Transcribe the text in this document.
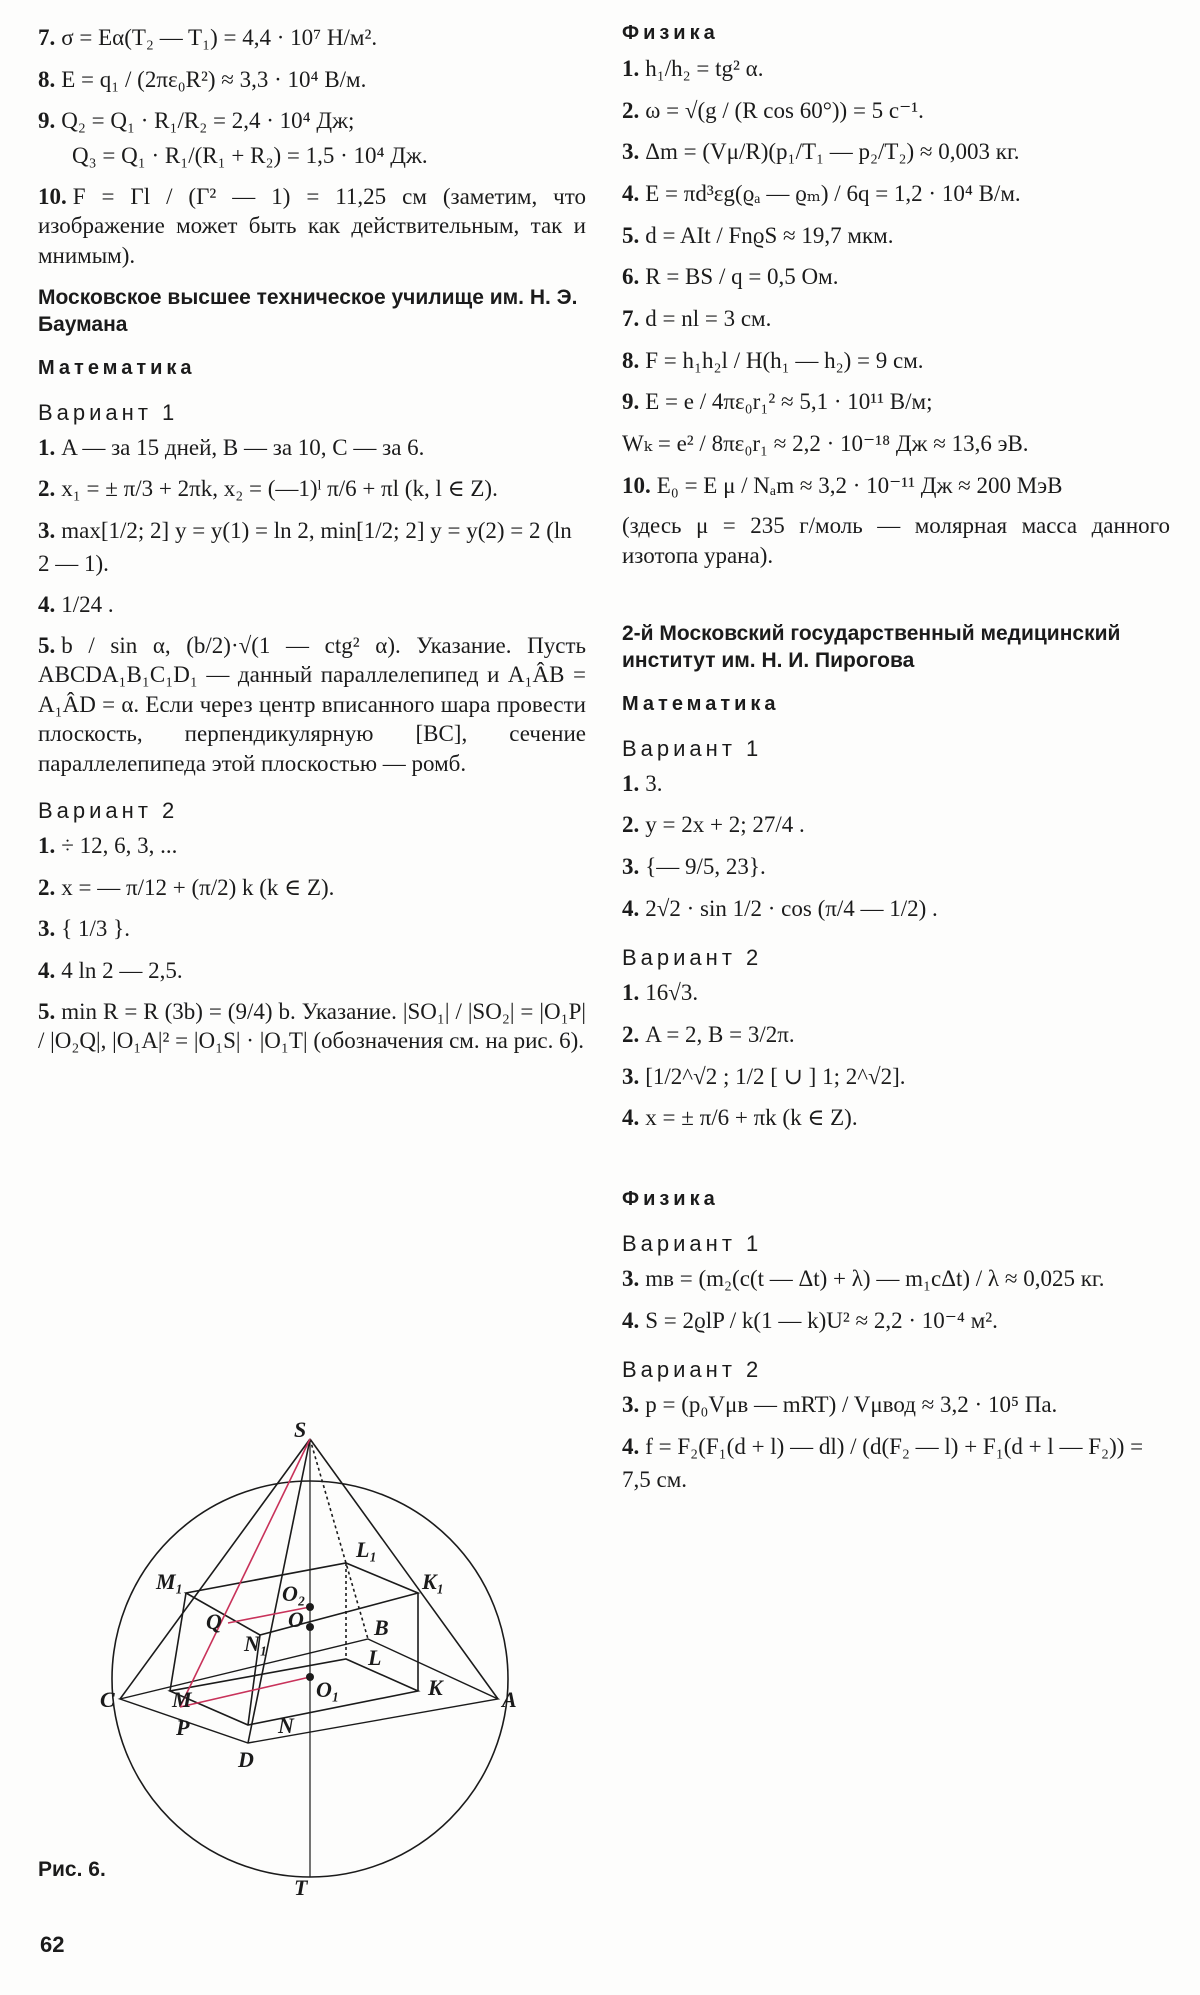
7. σ = Eα(T₂ — T₁) = 4,4 · 10⁷ Н/м².
8. E = q₁ / (2πε₀R²) ≈ 3,3 · 10⁴ В/м.
9. Q₂ = Q₁ · R₁/R₂ = 2,4 · 10⁴ Дж;
Q₃ = Q₁ · R₁/(R₁ + R₂) = 1,5 · 10⁴ Дж.
10. F = Γl / (Γ² — 1) = 11,25 см (заметим, что изображение может быть как действительным, так и мнимым).
Московское высшее техническое училище им. Н. Э. Баумана
Математика
Вариант 1
1. A — за 15 дней, B — за 10, C — за 6.
2. x₁ = ± π/3 + 2πk, x₂ = (—1)ˡ π/6 + πl (k, l ∈ Z).
3. max[1/2; 2] y = y(1) = ln 2, min[1/2; 2] y = y(2) = 2 (ln 2 — 1).
4. 1/24 .
5. b / sin α, (b/2)·√(1 — ctg² α). Указание. Пусть ABCDA₁B₁C₁D₁ — данный параллелепипед и A₁ÂB = A₁ÂD = α. Если через центр вписанного шара провести плоскость, перпендикулярную [BC], сечение параллелепипеда этой плоскостью — ромб.
Вариант 2
1. ÷ 12, 6, 3, ...
2. x = — π/12 + (π/2) k (k ∈ Z).
3. { 1/3 }.
4. 4 ln 2 — 2,5.
5. min R = R (3b) = (9/4) b. Указание. |SO₁| / |SO₂| = |O₁P| / |O₂Q|, |O₁A|² = |O₁S| · |O₁T| (обозначения см. на рис. 6).
S
T
C	A
M₁	K₁
L₁
O₂
O
Q
N₁
B
L
K
M
P	N
O₁
D
Рис. 6.
62
Физика
1. h₁/h₂ = tg² α.
2. ω = √(g / (R cos 60°)) = 5 с⁻¹.
3. Δm = (Vμ/R)(p₁/T₁ — p₂/T₂) ≈ 0,003 кг.
4. E = πd³εg(ϱₐ — ϱₘ) / 6q = 1,2 · 10⁴ В/м.
5. d = AIt / FnϱS ≈ 19,7 мкм.
6. R = BS / q = 0,5 Ом.
7. d = nl = 3 см.
8. F = h₁h₂l / H(h₁ — h₂) = 9 см.
9. E = e / 4πε₀r₁² ≈ 5,1 · 10¹¹ В/м;
Wₖ = e² / 8πε₀r₁ ≈ 2,2 · 10⁻¹⁸ Дж ≈ 13,6 эВ.
10. E₀ = E μ / Nₐm ≈ 3,2 · 10⁻¹¹ Дж ≈ 200 МэВ
(здесь μ = 235 г/моль — молярная масса данного изотопа урана).
2-й Московский государственный медицинский институт им. Н. И. Пирогова
Математика
Вариант 1
1. 3.
2. y = 2x + 2; 27/4 .
3. {— 9/5, 23}.
4. 2√2 · sin 1/2 · cos (π/4 — 1/2) .
Вариант 2
1. 16√3.
2. A = 2, B = 3/2π.
3. [1/2^√2 ; 1/2 [ ∪ ] 1; 2^√2].
4. x = ± π/6 + πk (k ∈ Z).
Физика
Вариант 1
3. mв = (m₂(c(t — Δt) + λ) — m₁cΔt) / λ ≈ 0,025 кг.
4. S = 2ϱlP / k(1 — k)U² ≈ 2,2 · 10⁻⁴ м².
Вариант 2
3. p = (p₀Vμв — mRT) / Vμвод ≈ 3,2 · 10⁵ Па.
4. f = F₂(F₁(d + l) — dl) / (d(F₂ — l) + F₁(d + l — F₂)) = 7,5 см.
